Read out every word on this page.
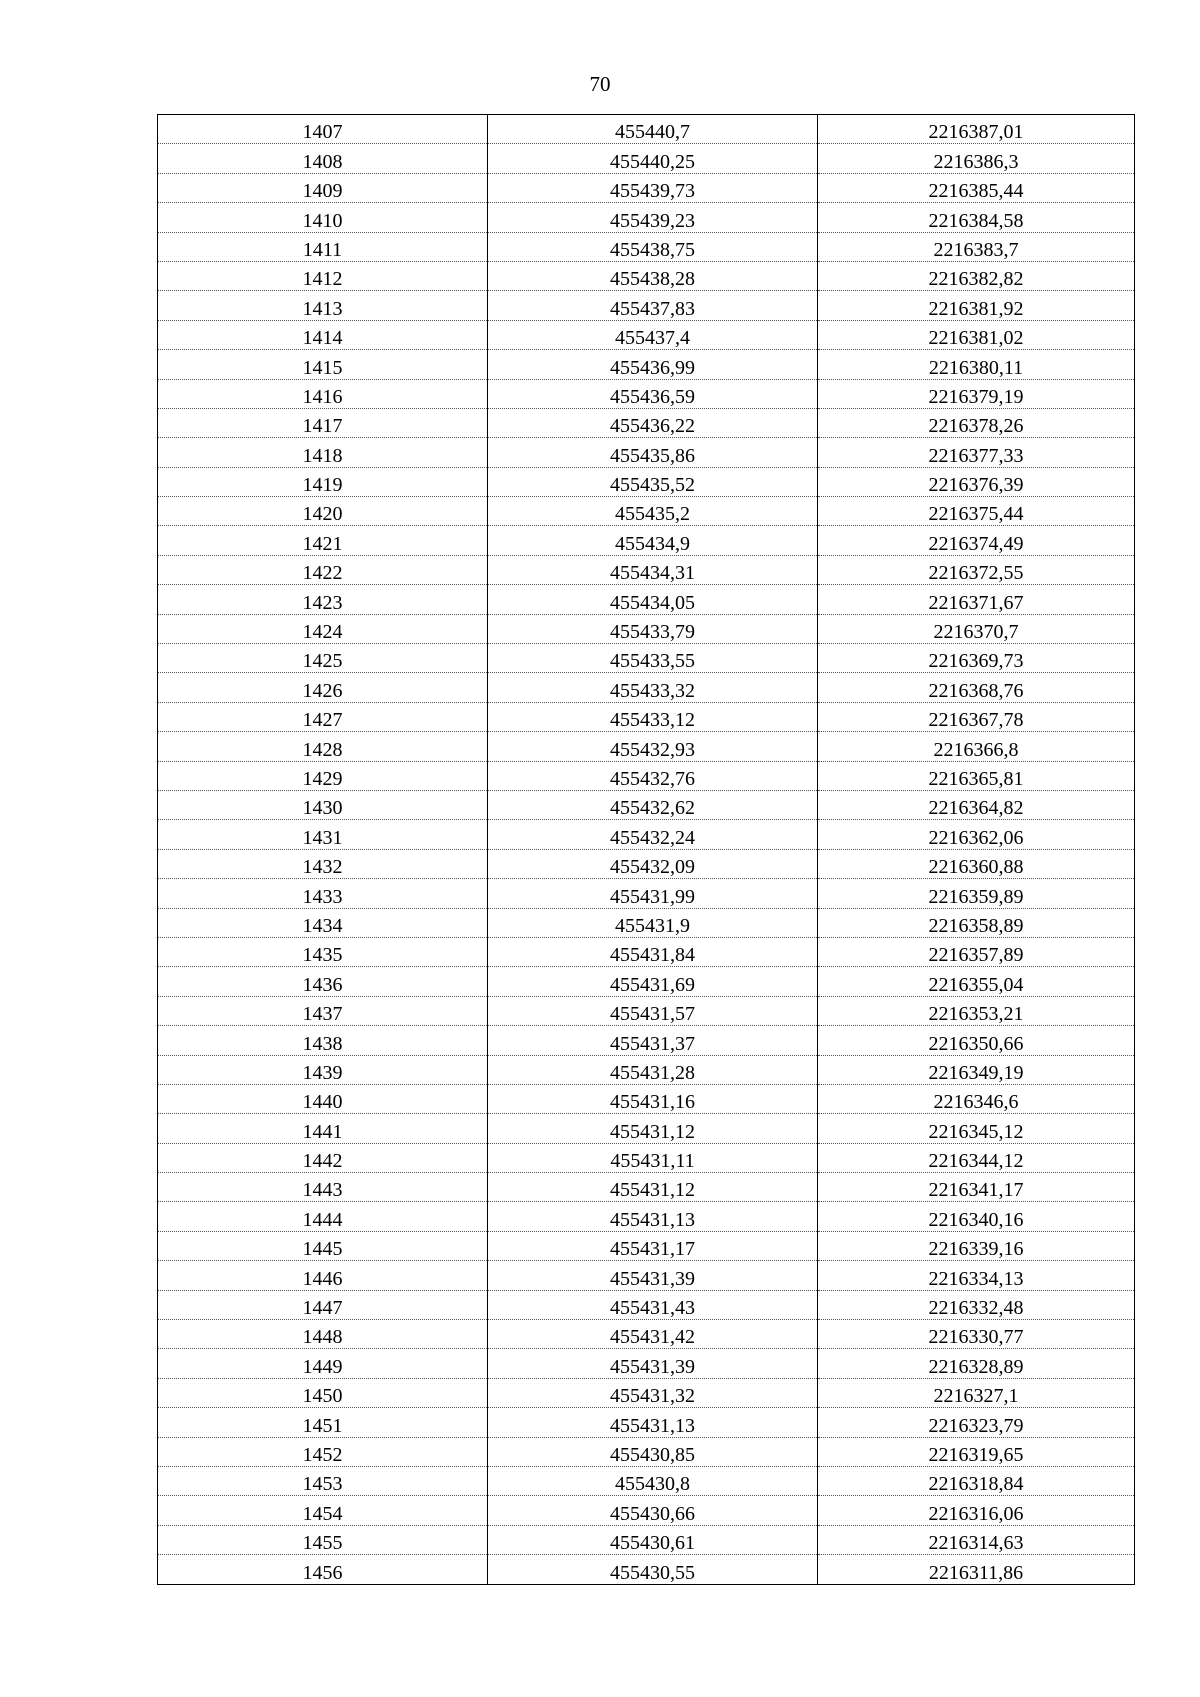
70
1407	455440,7	2216387,01
1408	455440,25	2216386,3
1409	455439,73	2216385,44
1410	455439,23	2216384,58
1411	455438,75	2216383,7
1412	455438,28	2216382,82
1413	455437,83	2216381,92
1414	455437,4	2216381,02
1415	455436,99	2216380,11
1416	455436,59	2216379,19
1417	455436,22	2216378,26
1418	455435,86	2216377,33
1419	455435,52	2216376,39
1420	455435,2	2216375,44
1421	455434,9	2216374,49
1422	455434,31	2216372,55
1423	455434,05	2216371,67
1424	455433,79	2216370,7
1425	455433,55	2216369,73
1426	455433,32	2216368,76
1427	455433,12	2216367,78
1428	455432,93	2216366,8
1429	455432,76	2216365,81
1430	455432,62	2216364,82
1431	455432,24	2216362,06
1432	455432,09	2216360,88
1433	455431,99	2216359,89
1434	455431,9	2216358,89
1435	455431,84	2216357,89
1436	455431,69	2216355,04
1437	455431,57	2216353,21
1438	455431,37	2216350,66
1439	455431,28	2216349,19
1440	455431,16	2216346,6
1441	455431,12	2216345,12
1442	455431,11	2216344,12
1443	455431,12	2216341,17
1444	455431,13	2216340,16
1445	455431,17	2216339,16
1446	455431,39	2216334,13
1447	455431,43	2216332,48
1448	455431,42	2216330,77
1449	455431,39	2216328,89
1450	455431,32	2216327,1
1451	455431,13	2216323,79
1452	455430,85	2216319,65
1453	455430,8	2216318,84
1454	455430,66	2216316,06
1455	455430,61	2216314,63
1456	455430,55	2216311,86
